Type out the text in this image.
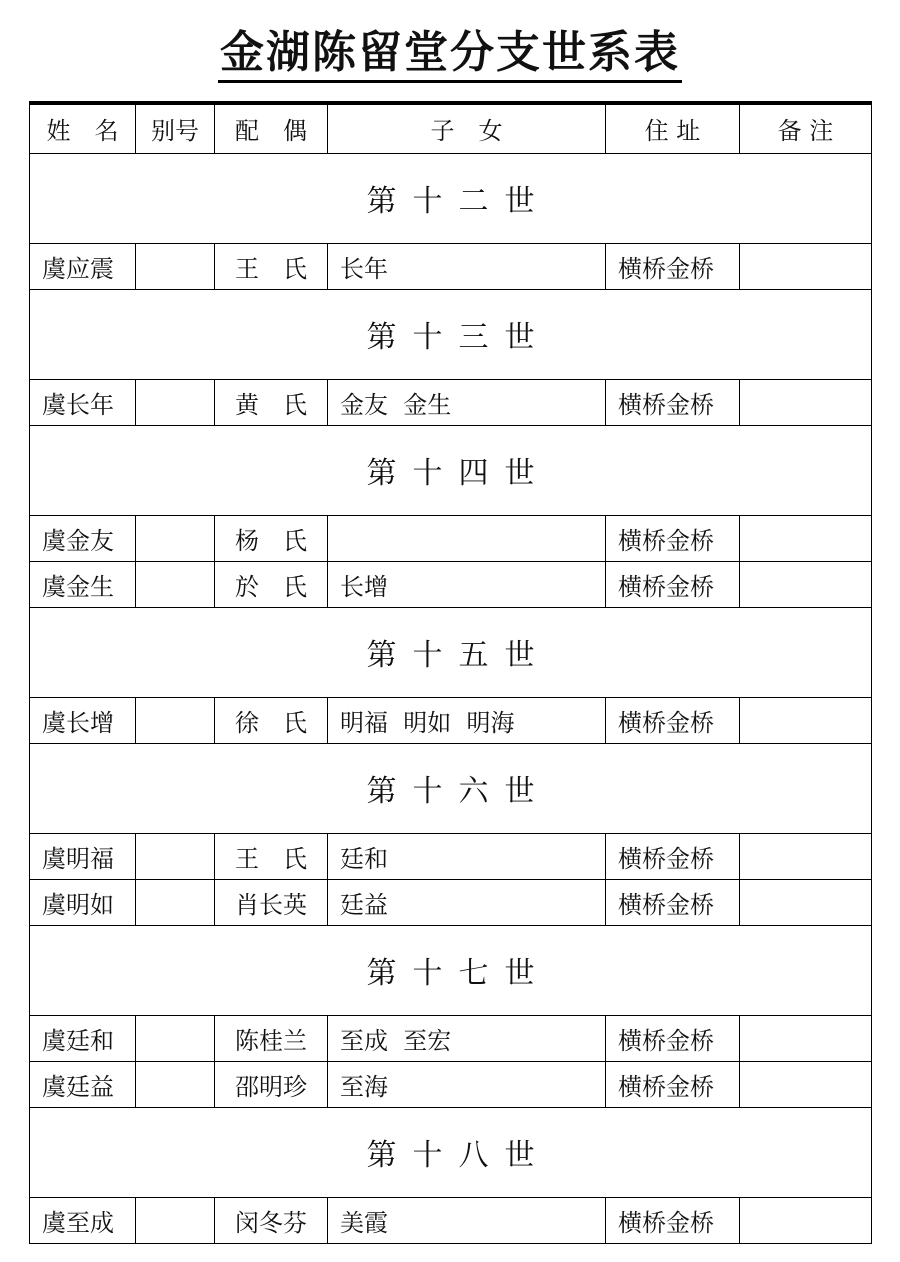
金湖陈留堂分支世系表
姓　名	别号	配　偶	子　女	住 址	备 注
第十二世					
虞应震		王　氏	长年	横桥金桥	
第十三世					
虞长年		黄　氏	金友  金生	横桥金桥	
第十四世					
虞金友		杨　氏		横桥金桥	
虞金生		於　氏	长增	横桥金桥	
第十五世					
虞长增		徐　氏	明福  明如  明海	横桥金桥	
第十六世					
虞明福		王　氏	廷和	横桥金桥	
虞明如		肖长英	廷益	横桥金桥	
第十七世					
虞廷和		陈桂兰	至成  至宏	横桥金桥	
虞廷益		邵明珍	至海	横桥金桥	
第十八世					
虞至成		闵冬芬	美霞	横桥金桥	
